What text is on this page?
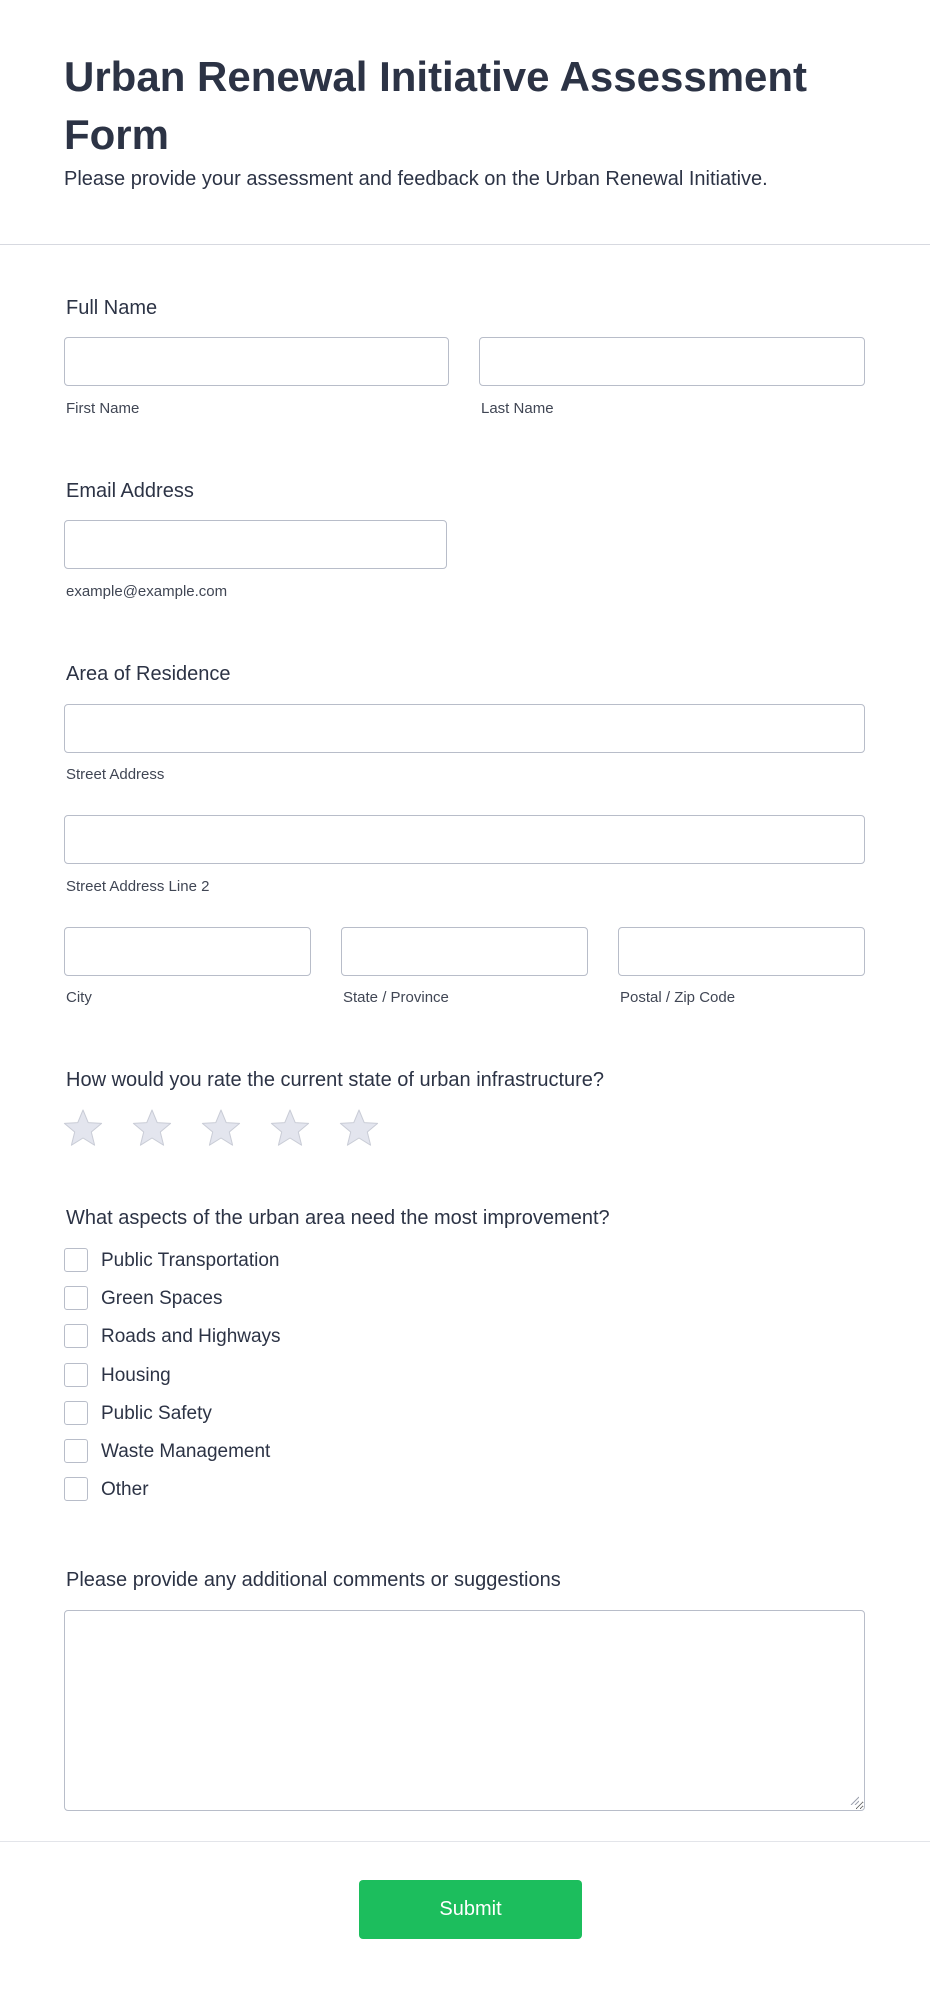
Urban Renewal Initiative Assessment Form

Please provide your assessment and feedback on the Urban Renewal Initiative.

Full Name
First Name	Last Name
Email Address
example@example.com
Area of Residence
Street Address
Street Address Line 2
City	State / Province	Postal / Zip Code
How would you rate the current state of urban infrastructure?
What aspects of the urban area need the most improvement?
Public Transportation
Green Spaces
Roads and Highways
Housing
Public Safety
Waste Management
Other
Please provide any additional comments or suggestions
Submit
